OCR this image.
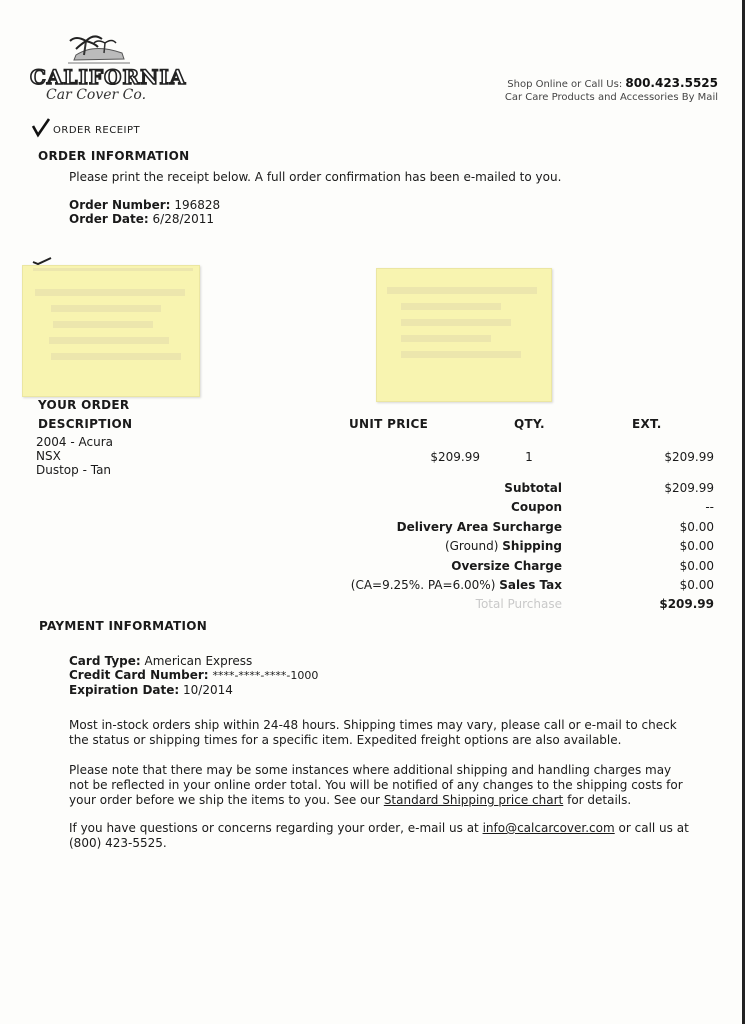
CALIFORNIA
Car Cover Co.
Shop Online or Call Us: 800.423.5525
Car Care Products and Accessories By Mail
ORDER RECEIPT
ORDER INFORMATION
Please print the receipt below. A full order confirmation has been e-mailed to you.
Order Number: 196828
Order Date: 6/28/2011
YOUR ORDER
DESCRIPTION	UNIT PRICE	QTY.	EXT.
2004 - Acura
NSX
Dustop - Tan
$209.99	1	$209.99
Subtotal	$209.99
Coupon	--
Delivery Area Surcharge	$0.00
(Ground) Shipping	$0.00
Oversize Charge	$0.00
(CA=9.25%. PA=6.00%) Sales Tax	$0.00
Total Purchase	$209.99
PAYMENT INFORMATION
Card Type: American Express
Credit Card Number: ****-****-****-1000
Expiration Date: 10/2014

Most in-stock orders ship within 24-48 hours. Shipping times may vary, please call or e-mail to check the status or shipping times for a specific item. Expedited freight options are also available.

Please note that there may be some instances where additional shipping and handling charges may not be reflected in your online order total. You will be notified of any changes to the shipping costs for your order before we ship the items to you. See our Standard Shipping price chart for details.

If you have questions or concerns regarding your order, e-mail us at info@calcarcover.com or call us at (800) 423-5525.
